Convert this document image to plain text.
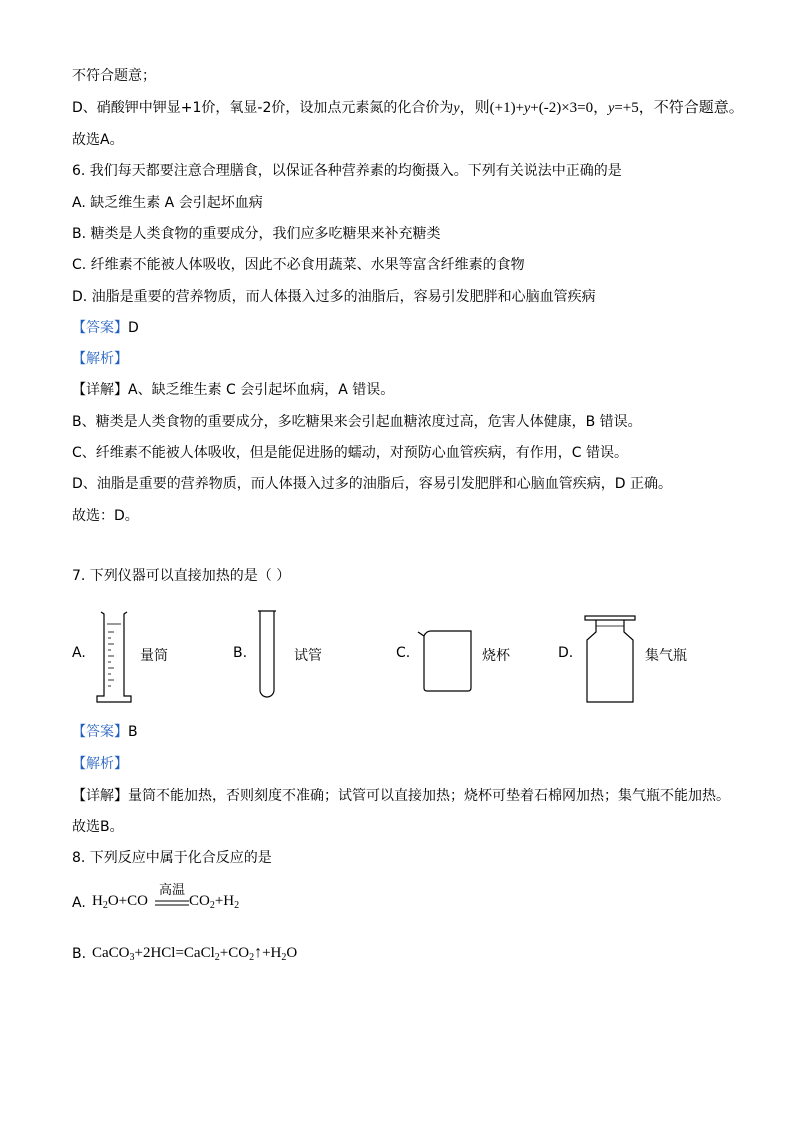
不符合题意；
D、硝酸钾中钾显+1价，氧显-2价，设加点元素氮的化合价为y，则(+1)+y+(-2)×3=0，y=+5，不符合题意。
故选A。
6. 我们每天都要注意合理膳食，以保证各种营养素的均衡摄入。下列有关说法中正确的是
A. 缺乏维生素 A 会引起坏血病
B. 糖类是人类食物的重要成分，我们应多吃糖果来补充糖类
C. 纤维素不能被人体吸收，因此不必食用蔬菜、水果等富含纤维素的食物
D. 油脂是重要的营养物质，而人体摄入过多的油脂后，容易引发肥胖和心脑血管疾病
【答案】D
【解析】
【详解】A、缺乏维生素 C 会引起坏血病，A 错误。
B、糖类是人类食物的重要成分，多吃糖果来会引起血糖浓度过高，危害人体健康，B 错误。
C、纤维素不能被人体吸收，但是能促进肠的蠕动，对预防心血管疾病，有作用，C 错误。
D、油脂是重要的营养物质，而人体摄入过多的油脂后，容易引发肥胖和心脑血管疾病，D 正确。
故选：D。
7. 下列仪器可以直接加热的是（ ）
A.	量筒	B.	试管	C.	烧杯	D.	集气瓶
【答案】B
【解析】
【详解】量筒不能加热，否则刻度不准确；试管可以直接加热；烧杯可垫着石棉网加热；集气瓶不能加热。
故选B。
8. 下列反应中属于化合反应的是
A. $H_2O+CO$
高温
$CO_2+H_2$
B. $CaCO_3+2HCl=CaCl_2+CO_2↑+H_2O$
